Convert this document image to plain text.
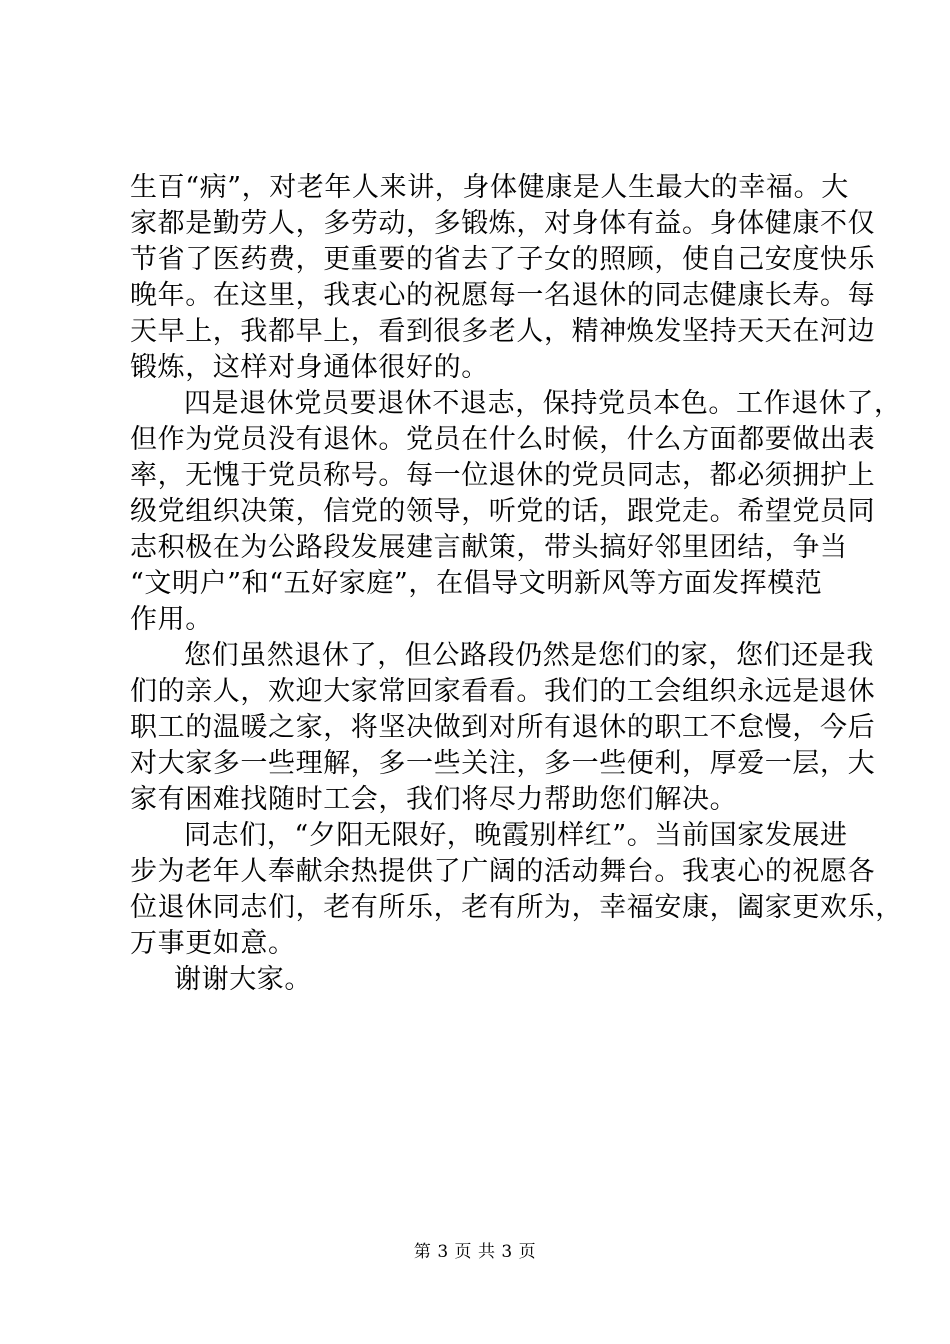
生百“病”，对老年人来讲，身体健康是人生最大的幸福。大
家都是勤劳人，多劳动，多锻炼，对身体有益。身体健康不仅
节省了医药费，更重要的省去了子女的照顾，使自己安度快乐
晚年。在这里，我衷心的祝愿每一名退休的同志健康长寿。每
天早上，我都早上，看到很多老人，精神焕发坚持天天在河边
锻炼，这样对身通体很好的。
四是退休党员要退休不退志，保持党员本色。工作退休了，
但作为党员没有退休。党员在什么时候，什么方面都要做出表
率，无愧于党员称号。每一位退休的党员同志，都必须拥护上
级党组织决策，信党的领导，听党的话，跟党走。希望党员同
志积极在为公路段发展建言献策，带头搞好邻里团结，争当
“文明户”和“五好家庭”，在倡导文明新风等方面发挥模范
作用。
您们虽然退休了，但公路段仍然是您们的家，您们还是我
们的亲人，欢迎大家常回家看看。我们的工会组织永远是退休
职工的温暖之家，将坚决做到对所有退休的职工不怠慢，今后
对大家多一些理解，多一些关注，多一些便利，厚爱一层，大
家有困难找随时工会，我们将尽力帮助您们解决。
同志们，“夕阳无限好，晚霞别样红”。当前国家发展进
步为老年人奉献余热提供了广阔的活动舞台。我衷心的祝愿各
位退休同志们，老有所乐，老有所为，幸福安康，阖家更欢乐，
万事更如意。
谢谢大家。
第 3 页 共 3 页
